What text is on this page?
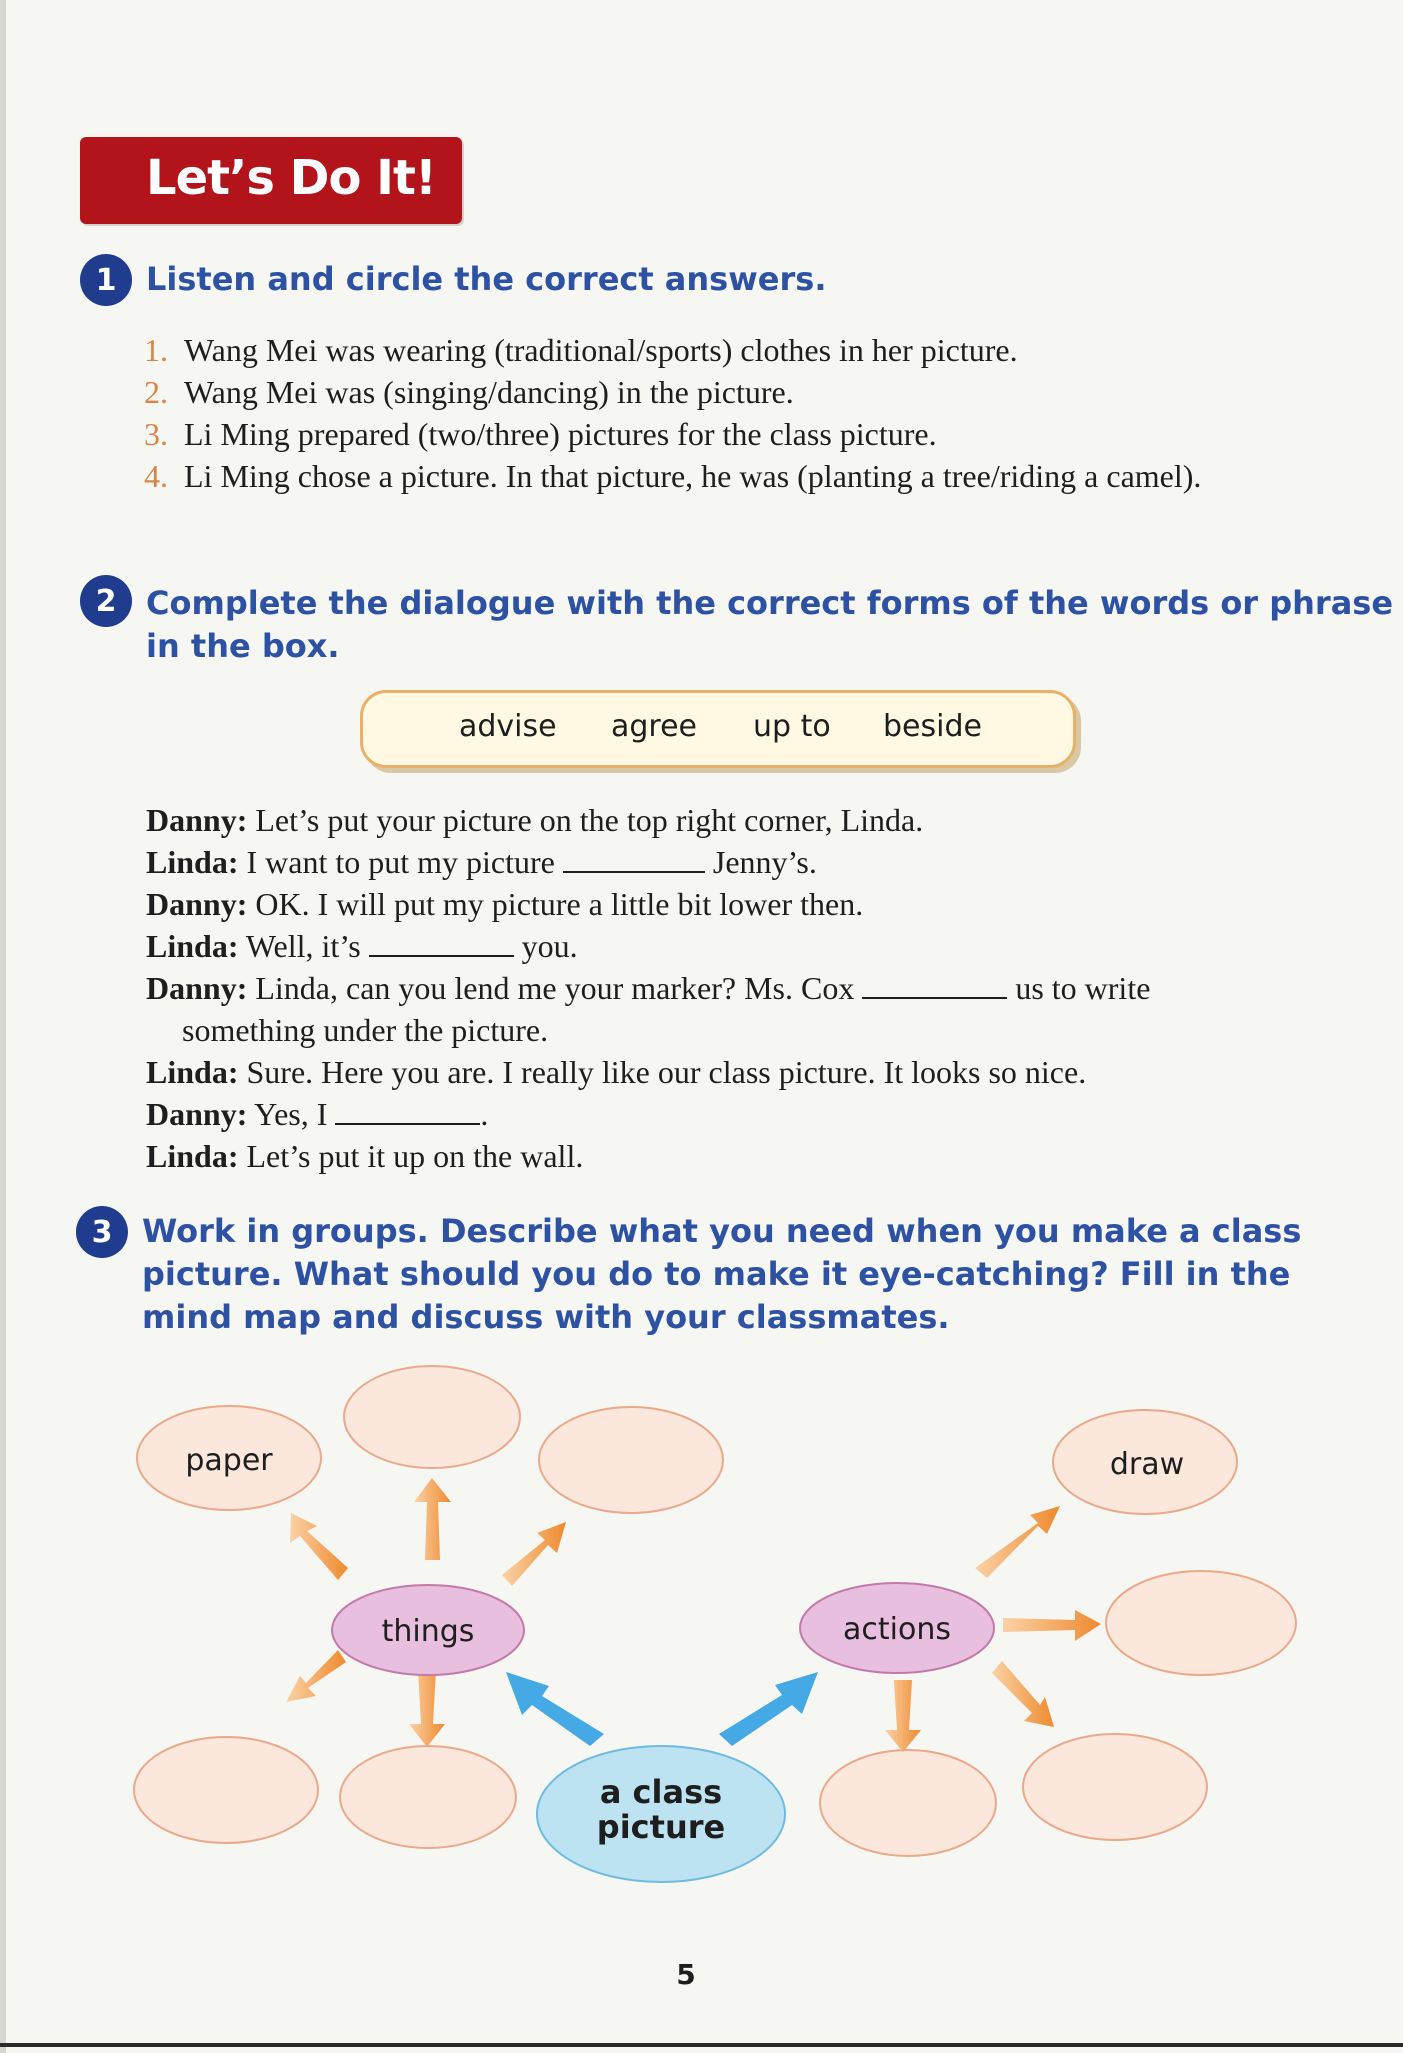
Let’s Do It!
1 Listen and circle the correct answers.
1. Wang Mei was wearing (traditional/sports) clothes in her picture.
2. Wang Mei was (singing/dancing) in the picture.
3. Li Ming prepared (two/three) pictures for the class picture.
4. Li Ming chose a picture. In that picture, he was (planting a tree/riding a camel).
2 Complete the dialogue with the correct forms of the words or phrase
in the box.
advise agree up to beside
Danny: Let’s put your picture on the top right corner, Linda.
Linda: I want to put my picture	Jenny’s.
Danny: OK. I will put my picture a little bit lower then.
Linda: Well, it’s	you.
Danny: Linda, can you lend me your marker? Ms. Cox	us to write
something under the picture.
Linda: Sure. Here you are. I really like our class picture. It looks so nice.
Danny: Yes, I	.
Linda: Let’s put it up on the wall.
3 Work in groups. Describe what you need when you make a class
picture. What should you do to make it eye-catching? Fill in the
mind map and discuss with your classmates.
paper	draw
things	actions
a class
picture
5
